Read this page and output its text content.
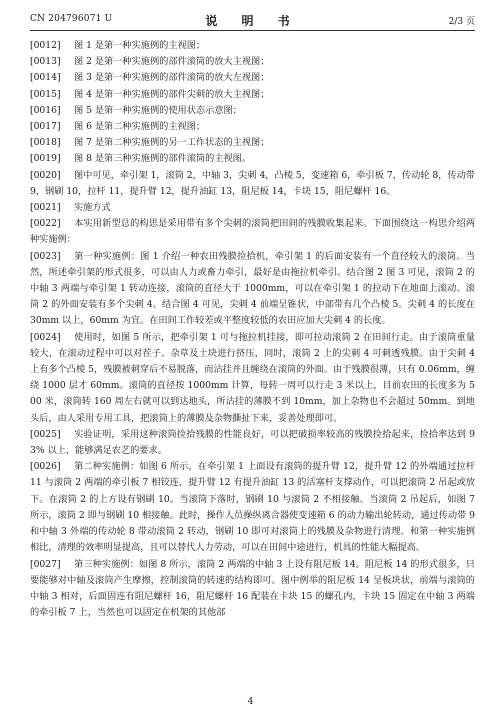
CN 204796071 U	说 明 书	2/3 页
[0012] 图 1 是第一种实施例的主视图；
[0013] 图 2 是第一种实施例的部件滚筒的放大主视图；
[0014] 图 3 是第一种实施例的部件滚筒的放大左视图；
[0015] 图 4 是第一种实施例的部件尖刺的放大主视图；
[0016] 图 5 是第一种实施例的使用状态示意图；
[0017] 图 6 是第二种实施例的主视图；
[0018] 图 7 是第二种实施例的另一工作状态的主视图；
[0019] 图 8 是第三种实施例的部件滚筒的主视图。
[0020] 图中可见，牵引架 1，滚筒 2，中轴 3，尖刺 4，凸棱 5，变速箱 6，牵引板 7，传动轮 8，传动带 9，钢刷 10，拉杆 11，提升臂 12，提升油缸 13，阻尼板 14，卡块 15，阻尼螺杆 16。
[0021] 实施方式
[0022] 本实用新型总的构思是采用带有多个尖刺的滚筒把田间的残膜收集起来。下面围绕这一构思介绍两种实施例：
[0023] 第一种实施例：图 1 介绍一种农田残膜捡拾机，牵引架 1 的后面安装有一个直径较大的滚筒。当然，所述牵引架的形式很多，可以由人力或畜力牵引，最好是由拖拉机牵引。结合图 2 图 3 可见，滚筒 2 的中轴 3 两端与牵引架 1 转动连接，滚筒的直径大于 1000mm，可以在牵引架 1 的拉动下在地面上滚动。滚筒 2 的外面安装有多个尖刺 4。结合图 4 可见，尖刺 4 前端呈锥状，中部带有几个凸棱 5。尖刺 4 的长度在 30mm 以上，60mm 为宜。在田间工作较差或平整度较低的农田应加大尖刺 4 的长度。
[0024] 使用时，如图 5 所示，把牵引架 1 可与拖拉机挂接，即可拉动滚筒 2 在田间行走。由于滚筒重量较大，在滚动过程中可以对茬子、杂草及土块进行挤压，同时，滚筒 2 上的尖刺 4 可刺透残膜。由于尖刺 4 上有多个凸棱 5，残膜被刺穿后不易脱落，而沾挂并且缠绕在滚筒的外面。由于残膜很薄，只有 0.06mm，缠绕 1000 层才 60mm。滚筒的直径按 1000mm 计算，每转一周可以行走 3 米以上，目前农田的长度多为 500 米，滚筒转 160 周左右就可以到达地头，所沾挂的薄膜不到 10mm，加上杂物也不会超过 50mm。到地头后，由人采用专用工具，把滚筒上的薄膜及杂物撕扯下来，妥善处理即可。
[0025] 实验证明，采用这种滚筒捡拾残膜的性能良好，可以把破损率较高的残膜捡拾起来，捡拾率达到 93% 以上，能够满足农艺的要求。
[0026] 第二种实施例：如图 6 所示，在牵引架 1 上面设有滚筒的提升臂 12，提升臂 12 的外端通过拉杆 11 与滚筒 2 两端的牵引板 7 相铰连，提升臂 12 有提升油缸 13 的活塞杆支撑动作，可以把滚筒 2 吊起或放下。在滚筒 2 的上方设有钢刷 10。当滚筒下落时，钢刷 10 与滚筒 2 不相接触。当滚筒 2 吊起后，如图 7 所示，滚筒 2 即与钢刷 10 相接触。此时，操作人员操纵离合器使变速箱 6 的动力输出轮转动，通过传动带 9 和中轴 3 外端的传动轮 8 带动滚筒 2 转动，钢刷 10 即可对滚筒上的残膜及杂物进行清理。和第一种实施例相比，清理的效率明显提高，且可以替代人力劳动，可以在田间中途进行，机具的性能大幅提高。
[0027] 第三种实施例：如图 8 所示，滚筒 2 两端的中轴 3 上设有阻尼板 14。阻尼板 14 的形式很多，只要能够对中轴及滚筒产生摩擦，控制滚筒的转速的结构即可。图中例举的阻尼板 14 呈板块状，前端与滚筒的中轴 3 相对，后面固连有阻尼螺杆 16，阻尼螺杆 16 配装在卡块 15 的螺孔内，卡块 15 固定在中轴 3 两端的牵引板 7 上，当然也可以固定在机架的其他部
4
